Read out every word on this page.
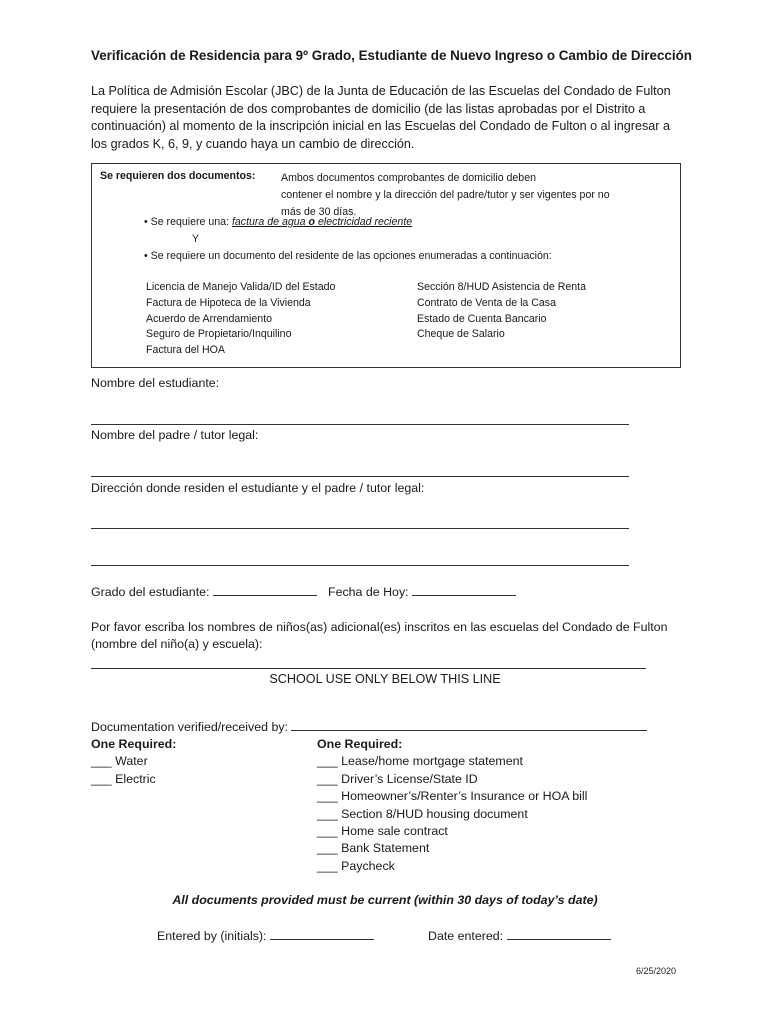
Verificación de Residencia para 9º Grado, Estudiante de Nuevo Ingreso o Cambio de Dirección
La Política de Admisión Escolar (JBC) de la Junta de Educación de las Escuelas del Condado de Fulton
requiere la presentación de dos comprobantes de domicilio (de las listas aprobadas por el Distrito a
continuación) al momento de la inscripción inicial en las Escuelas del Condado de Fulton o al ingresar a
los grados K, 6, 9, y cuando haya un cambio de dirección.
Se requieren dos documentos: Ambos documentos comprobantes de domicilio deben
contener el nombre y la dirección del padre/tutor y ser vigentes por no
más de 30 días.
• Se requiere una: factura de agua o electricidad reciente
Y
• Se requiere un documento del residente de las opciones enumeradas a continuación:
Licencia de Manejo Valida/ID del Estado
Factura de Hipoteca de la Vivienda
Acuerdo de Arrendamiento
Seguro de Propietario/Inquilino
Factura del HOA
Sección 8/HUD Asistencia de Renta
Contrato de Venta de la Casa
Estado de Cuenta Bancario
Cheque de Salario
Nombre del estudiante:
Nombre del padre / tutor legal:
Dirección donde residen el estudiante y el padre / tutor legal:
Grado del estudiante:	Fecha de Hoy:
Por favor escriba los nombres de niños(as) adicional(es) inscritos en las escuelas del Condado de Fulton
(nombre del niño(a) y escuela):
SCHOOL USE ONLY BELOW THIS LINE
Documentation verified/received by:
One Required:
___ Water
___ Electric
One Required:
___ Lease/home mortgage statement
___ Driver’s License/State ID
___ Homeowner’s/Renter’s Insurance or HOA bill
___ Section 8/HUD housing document
___ Home sale contract
___ Bank Statement
___ Paycheck
All documents provided must be current (within 30 days of today’s date)
Entered by (initials):	Date entered:
6/25/2020
